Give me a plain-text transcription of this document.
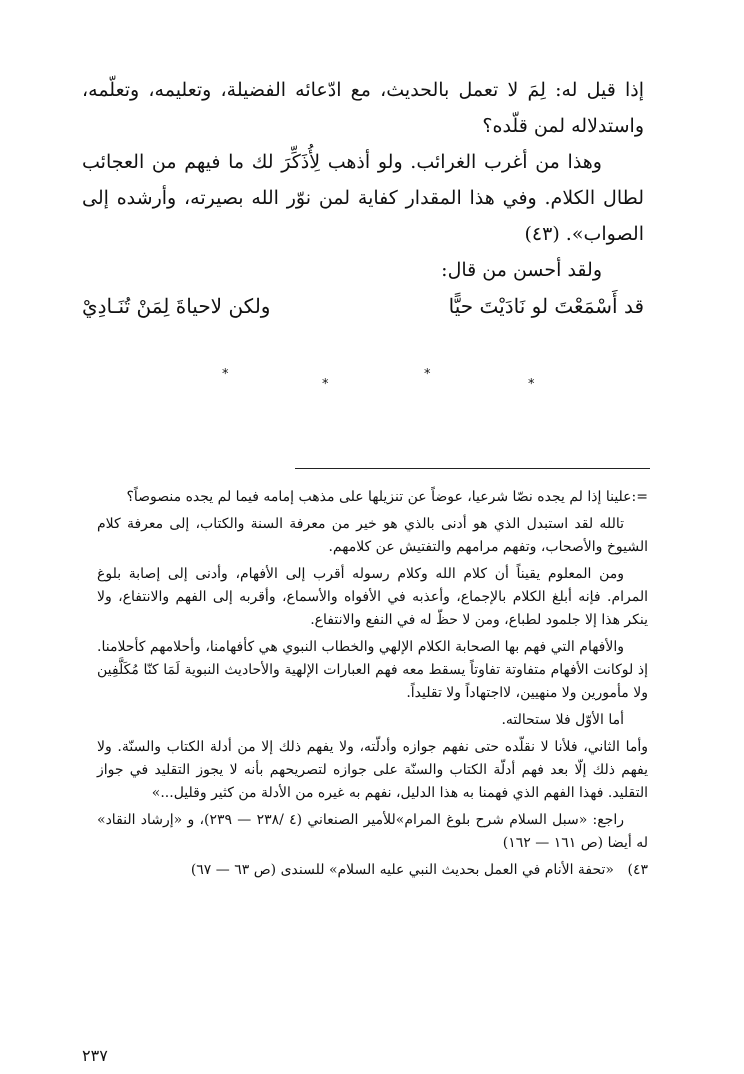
إذا قيل له: لِمَ لا تعمل بالحديث، مع ادّعائه الفضيلة، وتعليمه، وتعلّمه، واستدلاله لمن قلّده؟

وهذا من أغرب الغرائب. ولو أذهب لِأُذَكِّرَ لك ما فيهم من العجائب لطال الكلام. وفي هذا المقدار كفاية لمن نوّر الله بصيرته، وأرشده إلى الصواب». (٤٣)

ولقد أحسن من قال:

قد أَسْمَعْتَ لو نَادَيْتَ حيًّا
ولكن لاحياةَ لِمَنْ تُنَـادِيْ
*
*
*
*

=:علينا إذا لم يجده نصّا شرعيا، عوضاً عن تنزيلها على مذهب إمامه فيما لم يجده منصوصاً؟

تالله لقد استبدل الذي هو أدنى بالذي هو خير من معرفة السنة والكتاب، إلى معرفة كلام الشيوخ والأصحاب، وتفهم مرامهم والتفتيش عن كلامهم.

ومن المعلوم يقيناً أن كلام الله وكلام رسوله أقرب إلى الأفهام، وأدنى إلى إصابة بلوغ المرام. فإنه أبلغ الكلام بالإجماع، وأعذبه في الأفواه والأسماع، وأقربه إلى الفهم والانتفاع، ولا ينكر هذا إلا جلمود لطباع، ومن لا حظّ له في النفع والانتفاع.

والأفهام التي فهم بها الصحابة الكلام الإلهي والخطاب النبوي هي كأفهامنا، وأحلامهم كأحلامنا. إذ لوكانت الأفهام متفاوتة تفاوتاً يسقط معه فهم العبارات الإلهية والأحاديث النبوية لَمَا كنّا مُكَلَّفِين ولا مأمورين ولا منهيين، لااجتهاداً ولا تقليداً.

أما الأوّل فلا ستحالته.

وأما الثاني، فلأنا لا نقلّده حتى نفهم جوازه وأدلّته، ولا يفهم ذلك إلا من أدلة الكتاب والسنّة. ولا يفهم ذلك إلّا بعد فهم أدلّة الكتاب والسنّة على جوازه لتصريحهم بأنه لا يجوز التقليد في جواز التقليد. فهذا الفهم الذي فهمنا به هذا الدليل، نفهم به غيره من الأدلة من كثير وقليل...»

راجع: «سبل السلام شرح بلوغ المرام»للأمير الصنعاني (٤ /٢٣٨ — ٢٣٩)، و «إرشاد النقاد» له أيضا (ص ١٦١ — ١٦٢)

٤٣)
«تحفة الأنام في العمل بحديث النبي عليه السلام» للسندى (ص ٦٣ — ٦٧)
٢٣٧
